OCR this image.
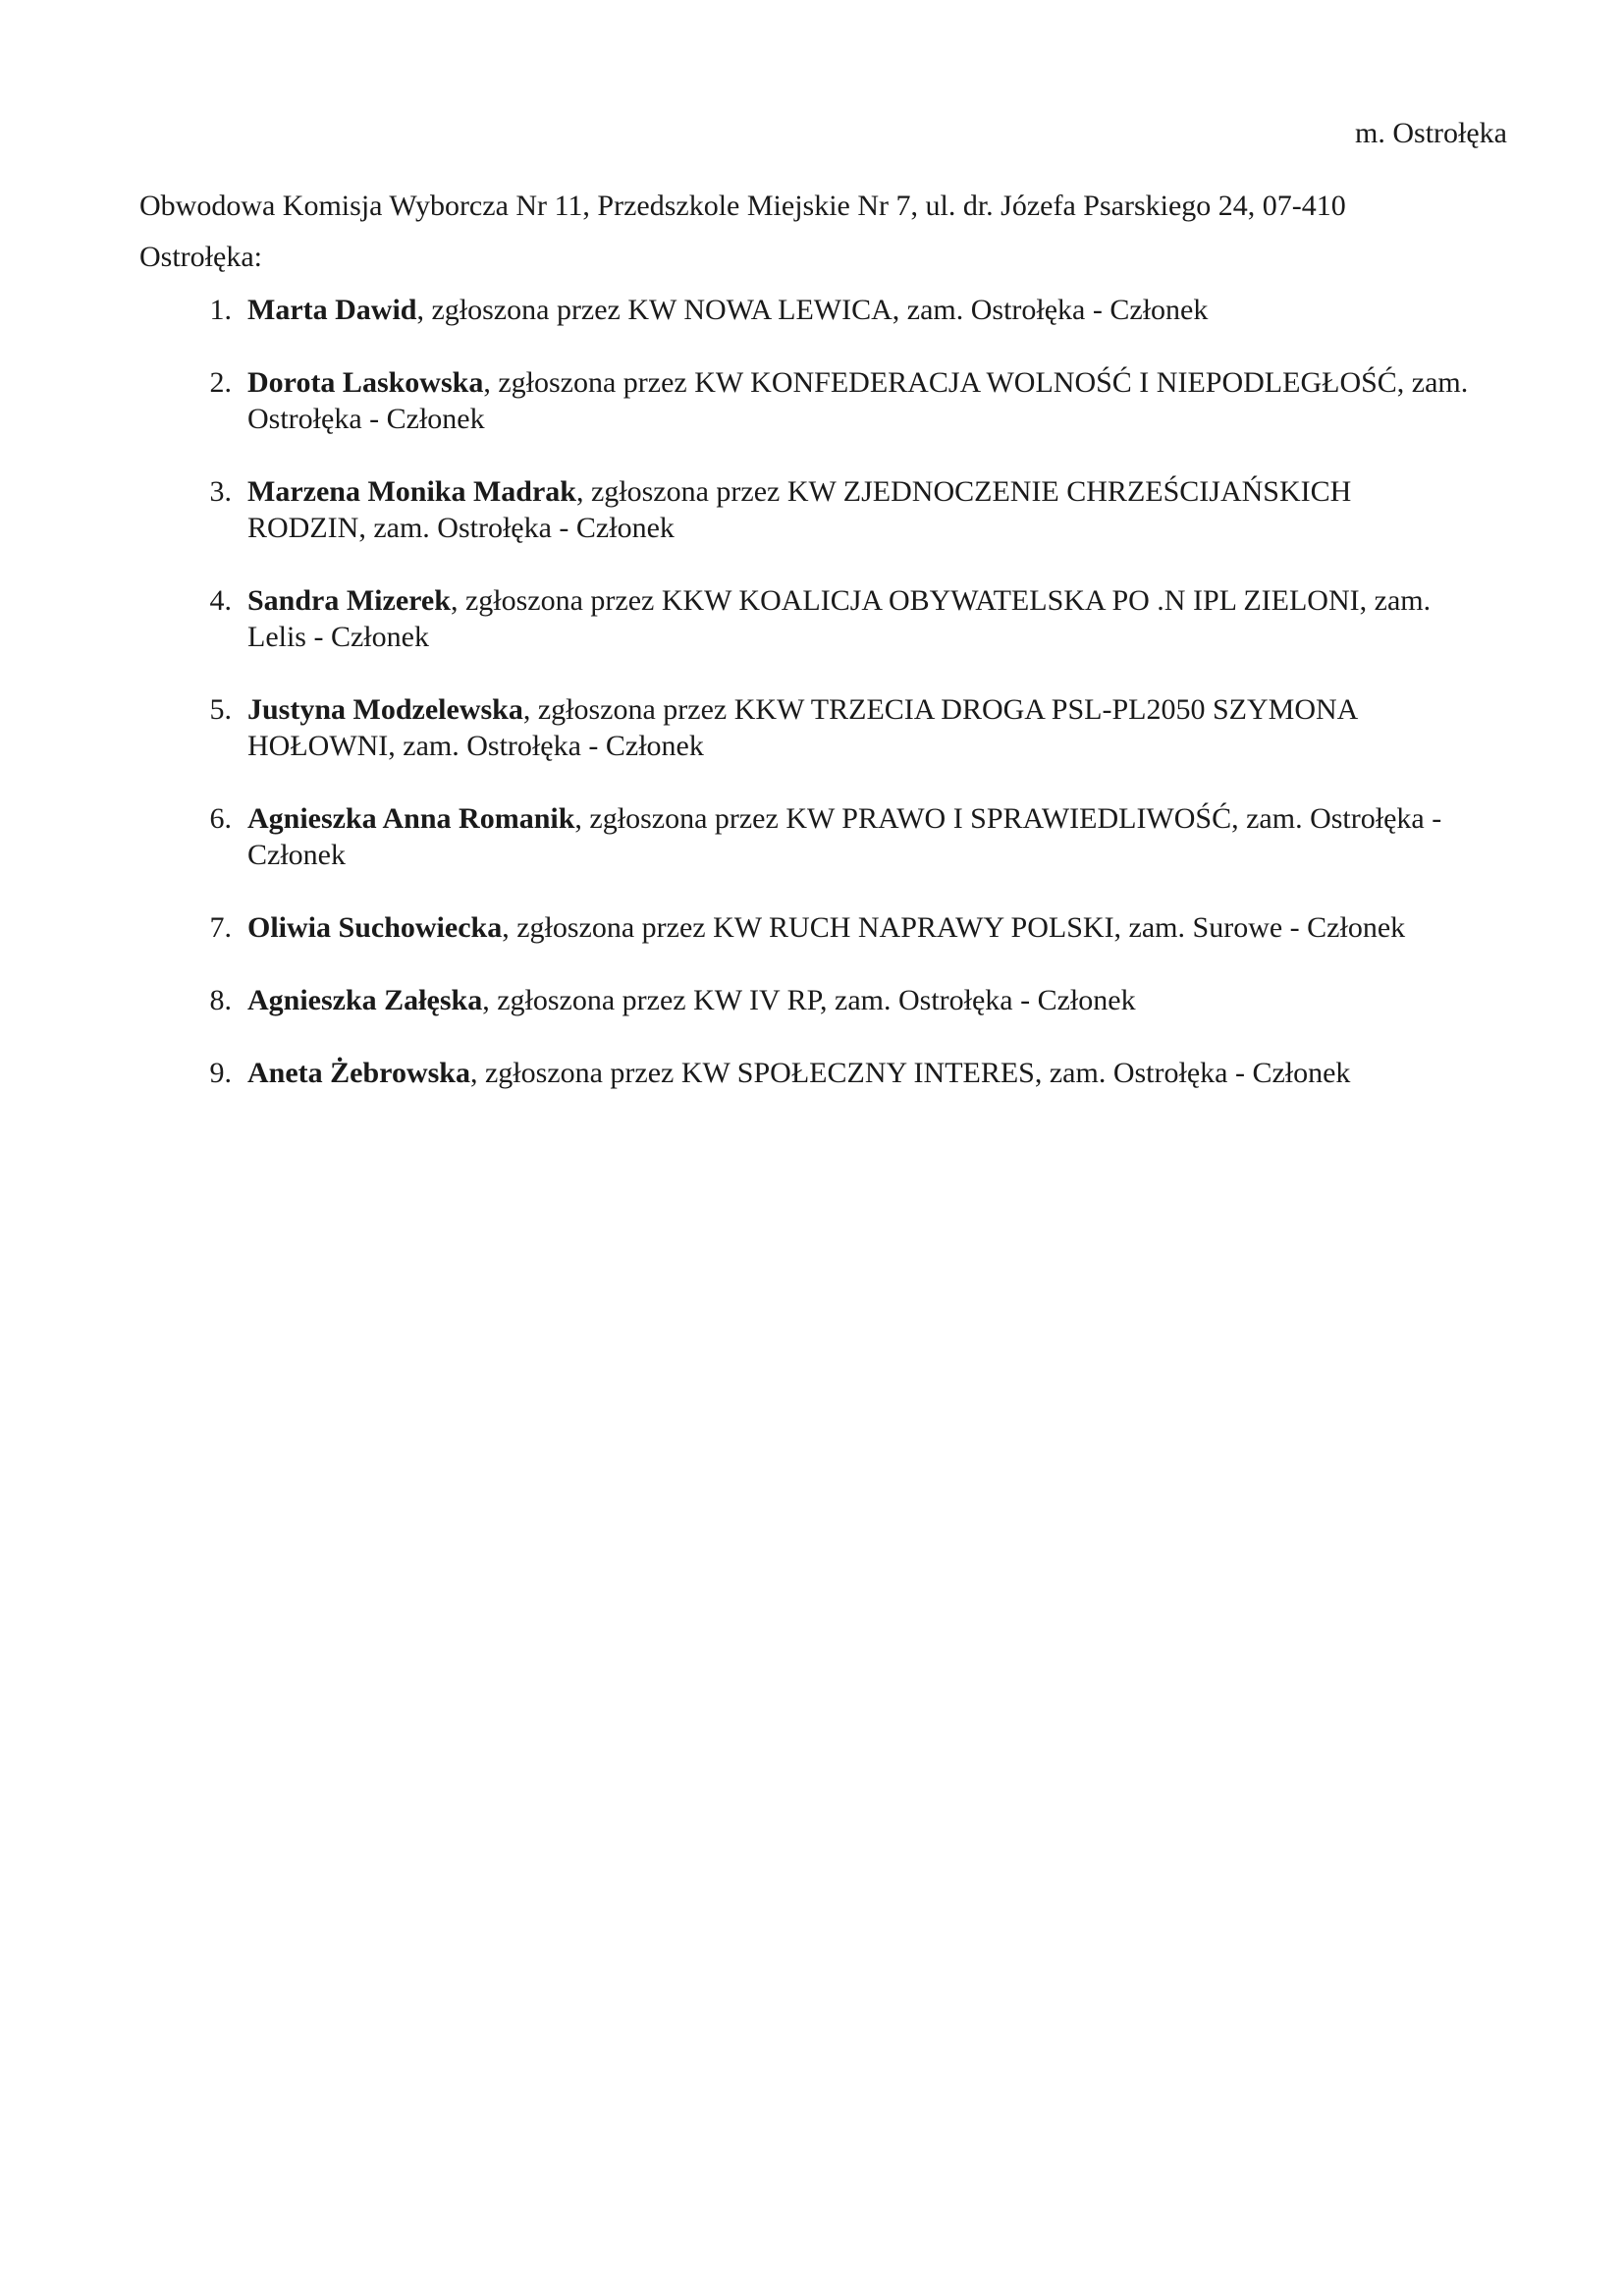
m. Ostrołęka
Obwodowa Komisja Wyborcza Nr 11, Przedszkole Miejskie Nr 7, ul. dr. Józefa Psarskiego 24, 07-410 Ostrołęka:
1. Marta Dawid, zgłoszona przez KW NOWA LEWICA, zam. Ostrołęka - Członek
2. Dorota Laskowska, zgłoszona przez KW KONFEDERACJA WOLNOŚĆ I NIEPODLEGŁOŚĆ, zam. Ostrołęka - Członek
3. Marzena Monika Madrak, zgłoszona przez KW ZJEDNOCZENIE CHRZEŚCIJAŃSKICH RODZIN, zam. Ostrołęka - Członek
4. Sandra Mizerek, zgłoszona przez KKW KOALICJA OBYWATELSKA PO .N IPL ZIELONI, zam. Lelis - Członek
5. Justyna Modzelewska, zgłoszona przez KKW TRZECIA DROGA PSL-PL2050 SZYMONA HOŁOWNI, zam. Ostrołęka - Członek
6. Agnieszka Anna Romanik, zgłoszona przez KW PRAWO I SPRAWIEDLIWOŚĆ, zam. Ostrołęka - Członek
7. Oliwia Suchowiecka, zgłoszona przez KW RUCH NAPRAWY POLSKI, zam. Surowe - Członek
8. Agnieszka Załęska, zgłoszona przez KW IV RP, zam. Ostrołęka - Członek
9. Aneta Żebrowska, zgłoszona przez KW SPOŁECZNY INTERES, zam. Ostrołęka - Członek
